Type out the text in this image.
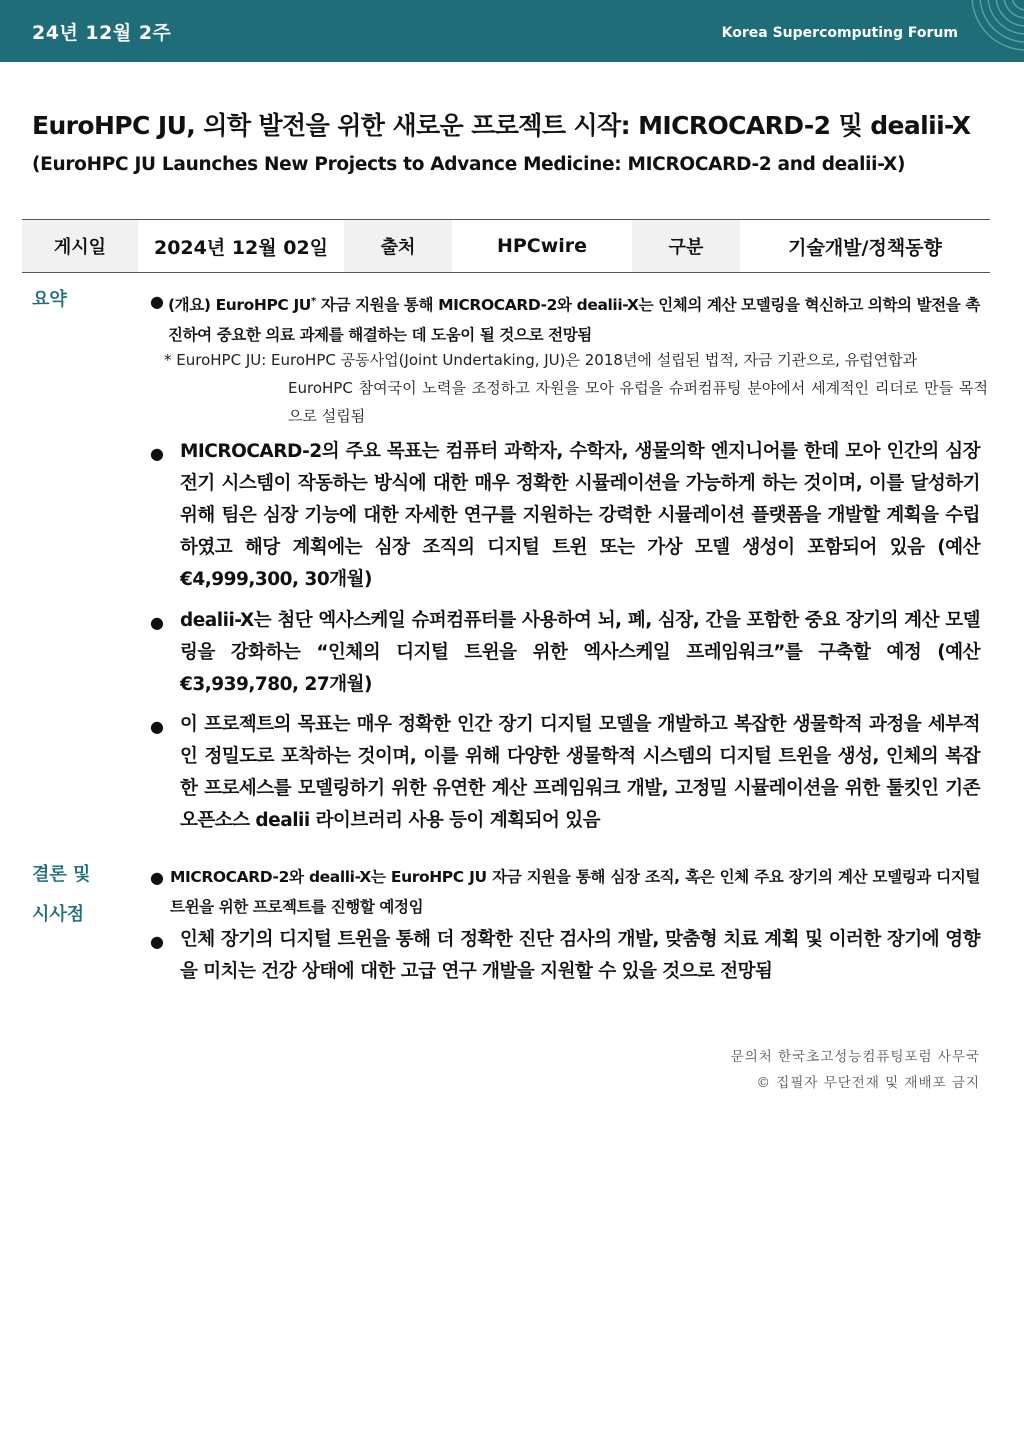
24년 12월 2주	Korea Supercomputing Forum
EuroHPC JU, 의학 발전을 위한 새로운 프로젝트 시작: MICROCARD-2 및 dealii-X
(EuroHPC JU Launches New Projects to Advance Medicine: MICROCARD-2 and dealii-X)
게시일	2024년 12월 02일	출처	HPCwire	구분	기술개발/정책동향
요약	● (개요) EuroHPC JU* 자금 지원을 통해 MICROCARD-2와 dealii-X는 인체의 계산 모델링을 혁신하고 의학의 발전을 촉진하여 중요한 의료 과제를 해결하는 데 도움이 될 것으로 전망됨
* EuroHPC JU: EuroHPC 공동사업(Joint Undertaking, JU)은 2018년에 설립된 법적, 자금 기관으로, 유럽연합과
EuroHPC 참여국이 노력을 조정하고 자원을 모아 유럽을 슈퍼컴퓨팅 분야에서 세계적인 리더로 만들 목적으로 설립됨
● MICROCARD-2의 주요 목표는 컴퓨터 과학자, 수학자, 생물의학 엔지니어를 한데 모아 인간의 심장 전기 시스템이 작동하는 방식에 대한 매우 정확한 시뮬레이션을 가능하게 하는 것이며, 이를 달성하기 위해 팀은 심장 기능에 대한 자세한 연구를 지원하는 강력한 시뮬레이션 플랫폼을 개발할 계획을 수립하였고 해당 계획에는 심장 조직의 디지털 트윈 또는 가상 모델 생성이 포함되어 있음 (예산 €4,999,300, 30개월)
● dealii-X는 첨단 엑사스케일 슈퍼컴퓨터를 사용하여 뇌, 폐, 심장, 간을 포함한 중요 장기의 계산 모델링을 강화하는 “인체의 디지털 트윈을 위한 엑사스케일 프레임워크”를 구축할 예정 (예산 €3,939,780, 27개월)
● 이 프로젝트의 목표는 매우 정확한 인간 장기 디지털 모델을 개발하고 복잡한 생물학적 과정을 세부적인 정밀도로 포착하는 것이며, 이를 위해 다양한 생물학적 시스템의 디지털 트윈을 생성, 인체의 복잡한 프로세스를 모델링하기 위한 유연한 계산 프레임워크 개발, 고정밀 시뮬레이션을 위한 툴킷인 기존 오픈소스 dealii 라이브러리 사용 등이 계획되어 있음
결론 및
시사점
● MICROCARD-2와 dealli-X는 EuroHPC JU 자금 지원을 통해 심장 조직, 혹은 인체 주요 장기의 계산 모델링과 디지털 트윈을 위한 프로젝트를 진행할 예정임
● 인체 장기의 디지털 트윈을 통해 더 정확한 진단 검사의 개발, 맞춤형 치료 계획 및 이러한 장기에 영향을 미치는 건강 상태에 대한 고급 연구 개발을 지원할 수 있을 것으로 전망됨
문의처 한국초고성능컴퓨팅포럼 사무국
© 집필자 무단전재 및 재배포 금지
